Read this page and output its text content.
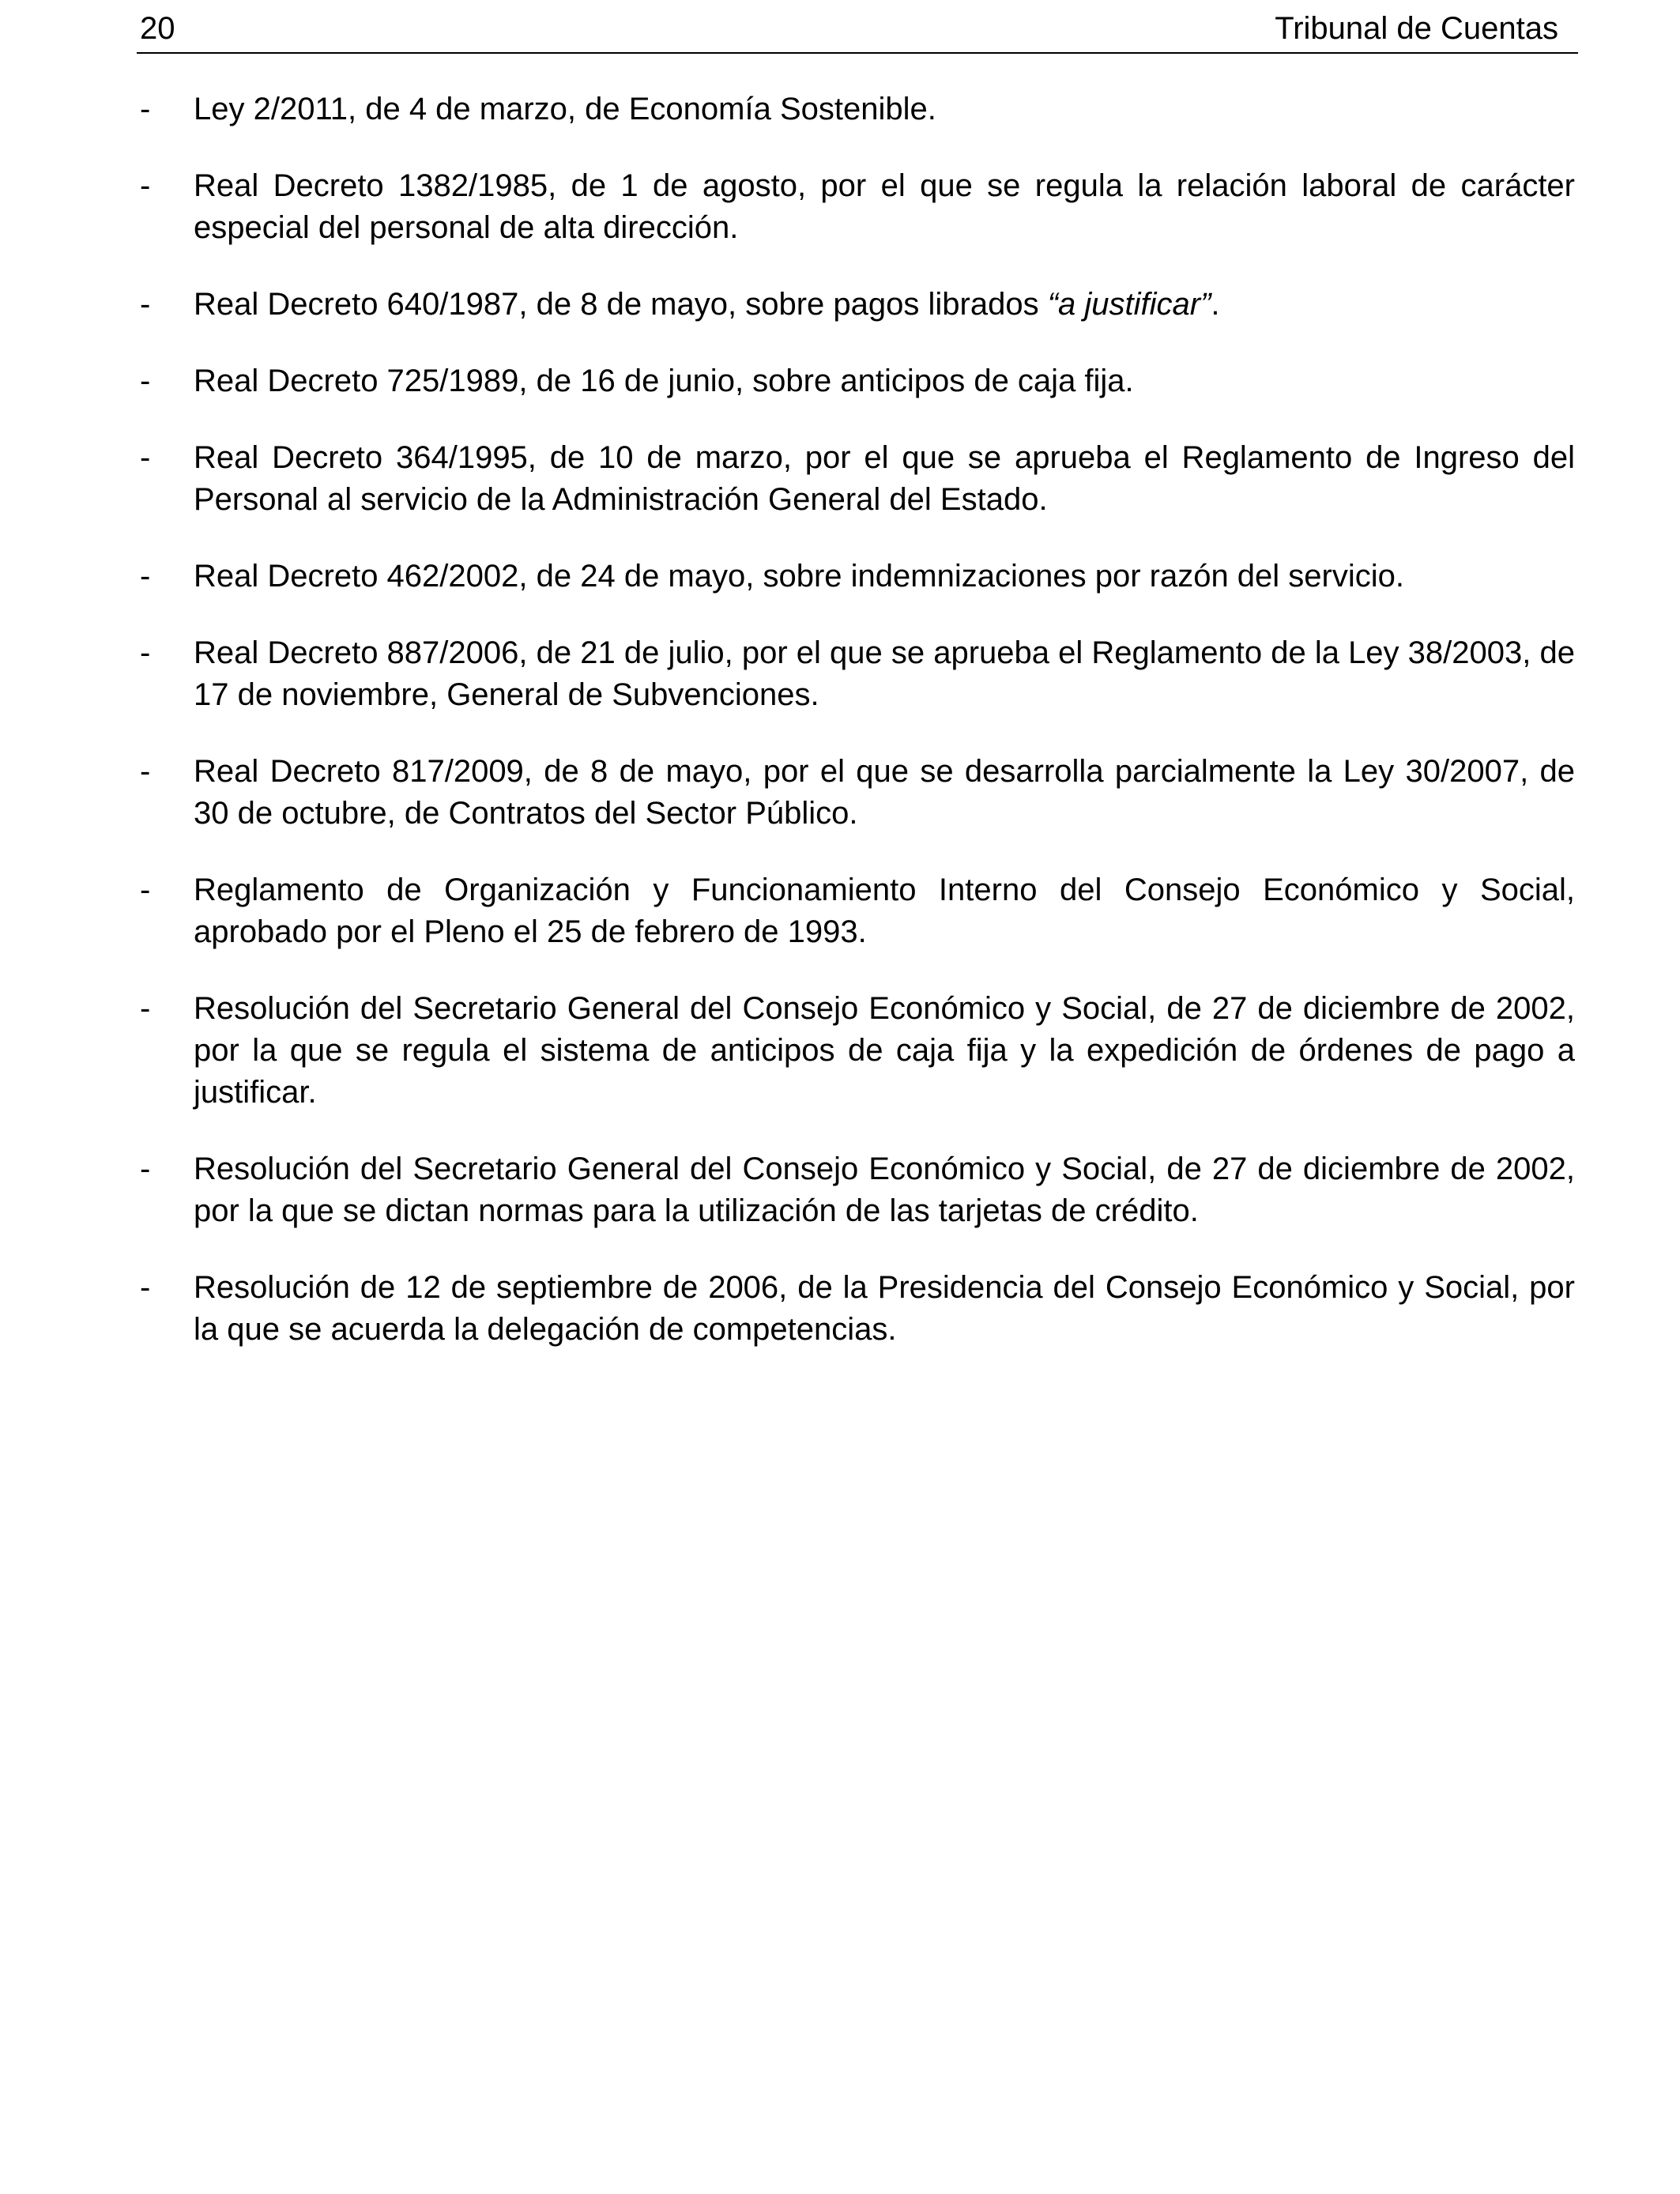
20	Tribunal de Cuentas
- Ley 2/2011, de 4 de marzo, de Economía Sostenible.
- Real Decreto 1382/1985, de 1 de agosto, por el que se regula la relación laboral de carácter especial del personal de alta dirección.
- Real Decreto 640/1987, de 8 de mayo, sobre pagos librados “a justificar”.
- Real Decreto 725/1989, de 16 de junio, sobre anticipos de caja fija.
- Real Decreto 364/1995, de 10 de marzo, por el que se aprueba el Reglamento de Ingreso del Personal al servicio de la Administración General del Estado.
- Real Decreto 462/2002, de 24 de mayo, sobre indemnizaciones por razón del servicio.
- Real Decreto 887/2006, de 21 de julio, por el que se aprueba el Reglamento de la Ley 38/2003, de 17 de noviembre, General de Subvenciones.
- Real Decreto 817/2009, de 8 de mayo, por el que se desarrolla parcialmente la Ley 30/2007, de 30 de octubre, de Contratos del Sector Público.
- Reglamento de Organización y Funcionamiento Interno del Consejo Económico y Social, aprobado por el Pleno el 25 de febrero de 1993.
- Resolución del Secretario General del Consejo Económico y Social, de 27 de diciembre de 2002, por la que se regula el sistema de anticipos de caja fija y la expedición de órdenes de pago a justificar.
- Resolución del Secretario General del Consejo Económico y Social, de 27 de diciembre de 2002, por la que se dictan normas para la utilización de las tarjetas de crédito.
- Resolución de 12 de septiembre de 2006, de la Presidencia del Consejo Económico y Social, por la que se acuerda la delegación de competencias.
